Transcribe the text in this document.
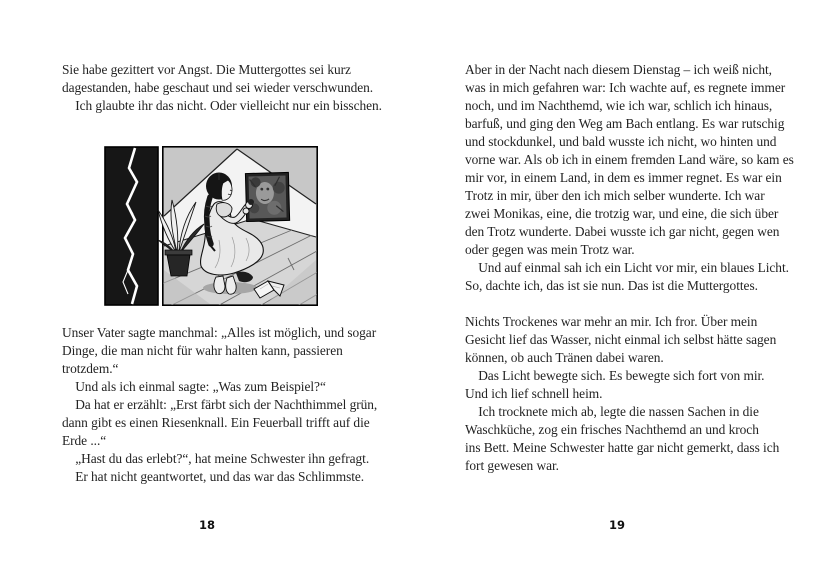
Sie habe gezittert vor Angst. Die Muttergottes sei kurz
dagestanden, habe geschaut und sei wieder verschwunden.
Ich glaubte ihr das nicht. Oder vielleicht nur ein bisschen.
Unser Vater sagte manchmal: „Alles ist möglich, und sogar
Dinge, die man nicht für wahr halten kann, passieren
trotzdem.“
Und als ich einmal sagte: „Was zum Beispiel?“
Da hat er erzählt: „Erst färbt sich der Nachthimmel grün,
dann gibt es einen Riesenknall. Ein Feuerball trifft auf die
Erde ...“
„Hast du das erlebt?“, hat meine Schwester ihn gefragt.
Er hat nicht geantwortet, und das war das Schlimmste.
18
Aber in der Nacht nach diesem Dienstag – ich weiß nicht,
was in mich gefahren war: Ich wachte auf, es regnete immer
noch, und im Nachthemd, wie ich war, schlich ich hinaus,
barfuß, und ging den Weg am Bach entlang. Es war rutschig
und stockdunkel, und bald wusste ich nicht, wo hinten und
vorne war. Als ob ich in einem fremden Land wäre, so kam es
mir vor, in einem Land, in dem es immer regnet. Es war ein
Trotz in mir, über den ich mich selber wunderte. Ich war
zwei Monikas, eine, die trotzig war, und eine, die sich über
den Trotz wunderte. Dabei wusste ich gar nicht, gegen wen
oder gegen was mein Trotz war.
Und auf einmal sah ich ein Licht vor mir, ein blaues Licht.
So, dachte ich, das ist sie nun. Das ist die Muttergottes.
Nichts Trockenes war mehr an mir. Ich fror. Über mein
Gesicht lief das Wasser, nicht einmal ich selbst hätte sagen
können, ob auch Tränen dabei waren.
Das Licht bewegte sich. Es bewegte sich fort von mir.
Und ich lief schnell heim.
Ich trocknete mich ab, legte die nassen Sachen in die
Waschküche, zog ein frisches Nachthemd an und kroch
ins Bett. Meine Schwester hatte gar nicht gemerkt, dass ich
fort gewesen war.
19
